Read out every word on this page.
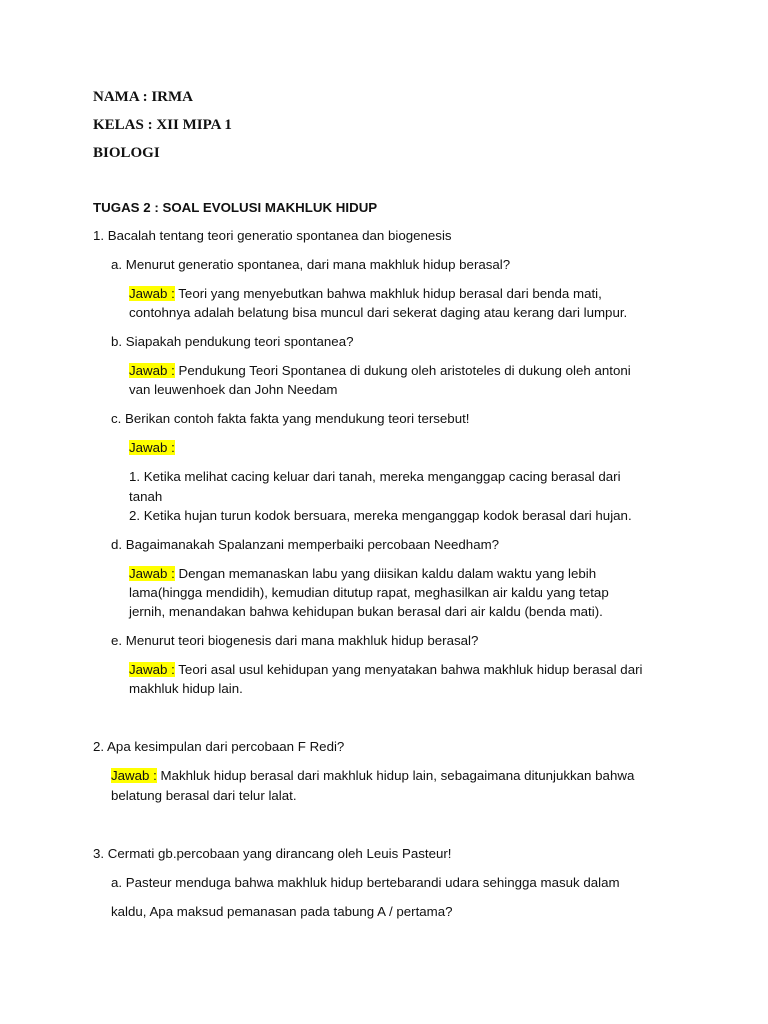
NAMA : IRMA
KELAS : XII MIPA 1
BIOLOGI
TUGAS 2 : SOAL EVOLUSI MAKHLUK HIDUP
1. Bacalah tentang teori generatio spontanea dan biogenesis
a. Menurut generatio spontanea, dari mana makhluk hidup berasal?
Jawab : Teori yang menyebutkan bahwa makhluk hidup berasal dari benda mati,
contohnya adalah belatung bisa muncul dari sekerat daging atau kerang dari lumpur.
b. Siapakah pendukung teori spontanea?
Jawab : Pendukung Teori Spontanea di dukung oleh aristoteles di dukung oleh antoni
van leuwenhoek dan John Needam
c. Berikan contoh fakta fakta yang mendukung teori tersebut!
Jawab :
1. Ketika melihat cacing keluar dari tanah, mereka menganggap cacing berasal dari
tanah
2. Ketika hujan turun kodok bersuara, mereka menganggap kodok berasal dari hujan.
d. Bagaimanakah Spalanzani memperbaiki percobaan Needham?
Jawab : Dengan memanaskan labu yang diisikan kaldu dalam waktu yang lebih
lama(hingga mendidih), kemudian ditutup rapat, meghasilkan air kaldu yang tetap
jernih, menandakan bahwa kehidupan bukan berasal dari air kaldu (benda mati).
e. Menurut teori biogenesis dari mana makhluk hidup berasal?
Jawab : Teori asal usul kehidupan yang menyatakan bahwa makhluk hidup berasal dari
makhluk hidup lain.
2. Apa kesimpulan dari percobaan F Redi?
Jawab : Makhluk hidup berasal dari makhluk hidup lain, sebagaimana ditunjukkan bahwa
belatung berasal dari telur lalat.
3. Cermati gb.percobaan yang dirancang oleh Leuis Pasteur!
a. Pasteur menduga bahwa makhluk hidup bertebarandi udara sehingga masuk dalam
kaldu, Apa maksud pemanasan pada tabung A / pertama?
